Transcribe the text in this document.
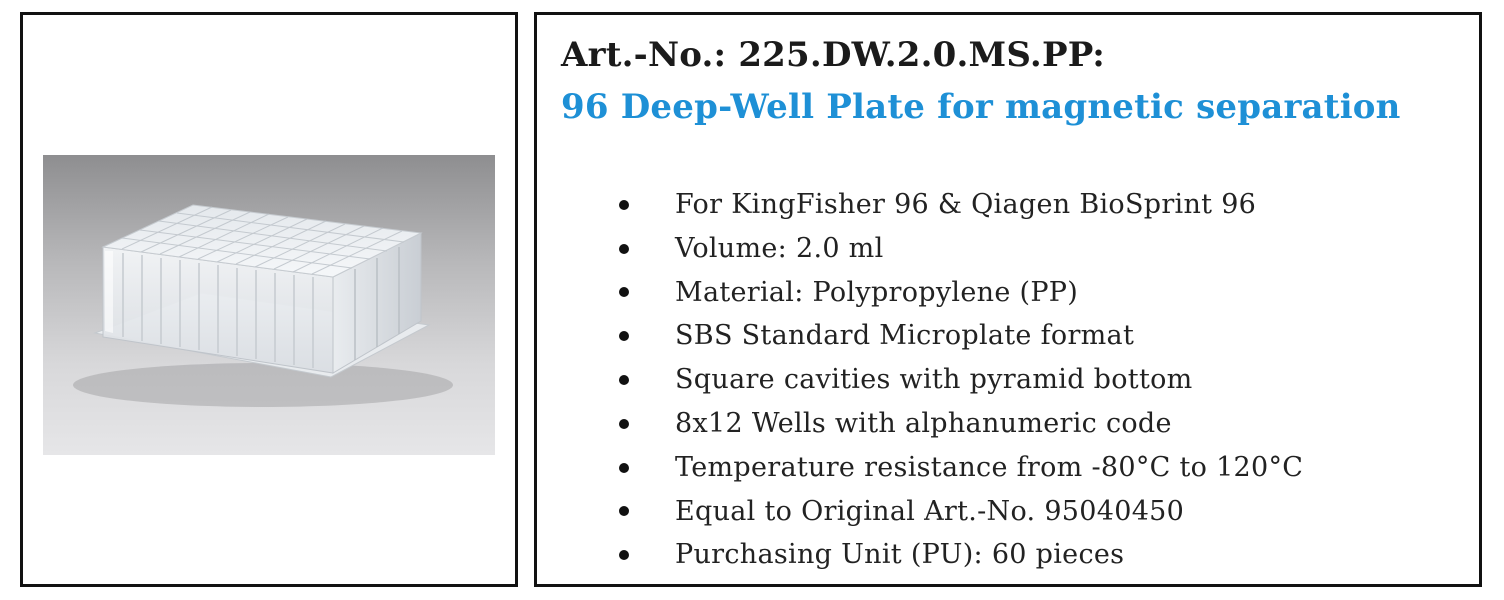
Art.-No.: 225.DW.2.0.MS.PP:
96 Deep-Well Plate for magnetic separation
For KingFisher 96 & Qiagen BioSprint 96
Volume: 2.0 ml
Material: Polypropylene (PP)
SBS Standard Microplate format
Square cavities with pyramid bottom
8x12 Wells with alphanumeric code
Temperature resistance from -80°C to 120°C
Equal to Original Art.-No. 95040450
Purchasing Unit (PU): 60 pieces
